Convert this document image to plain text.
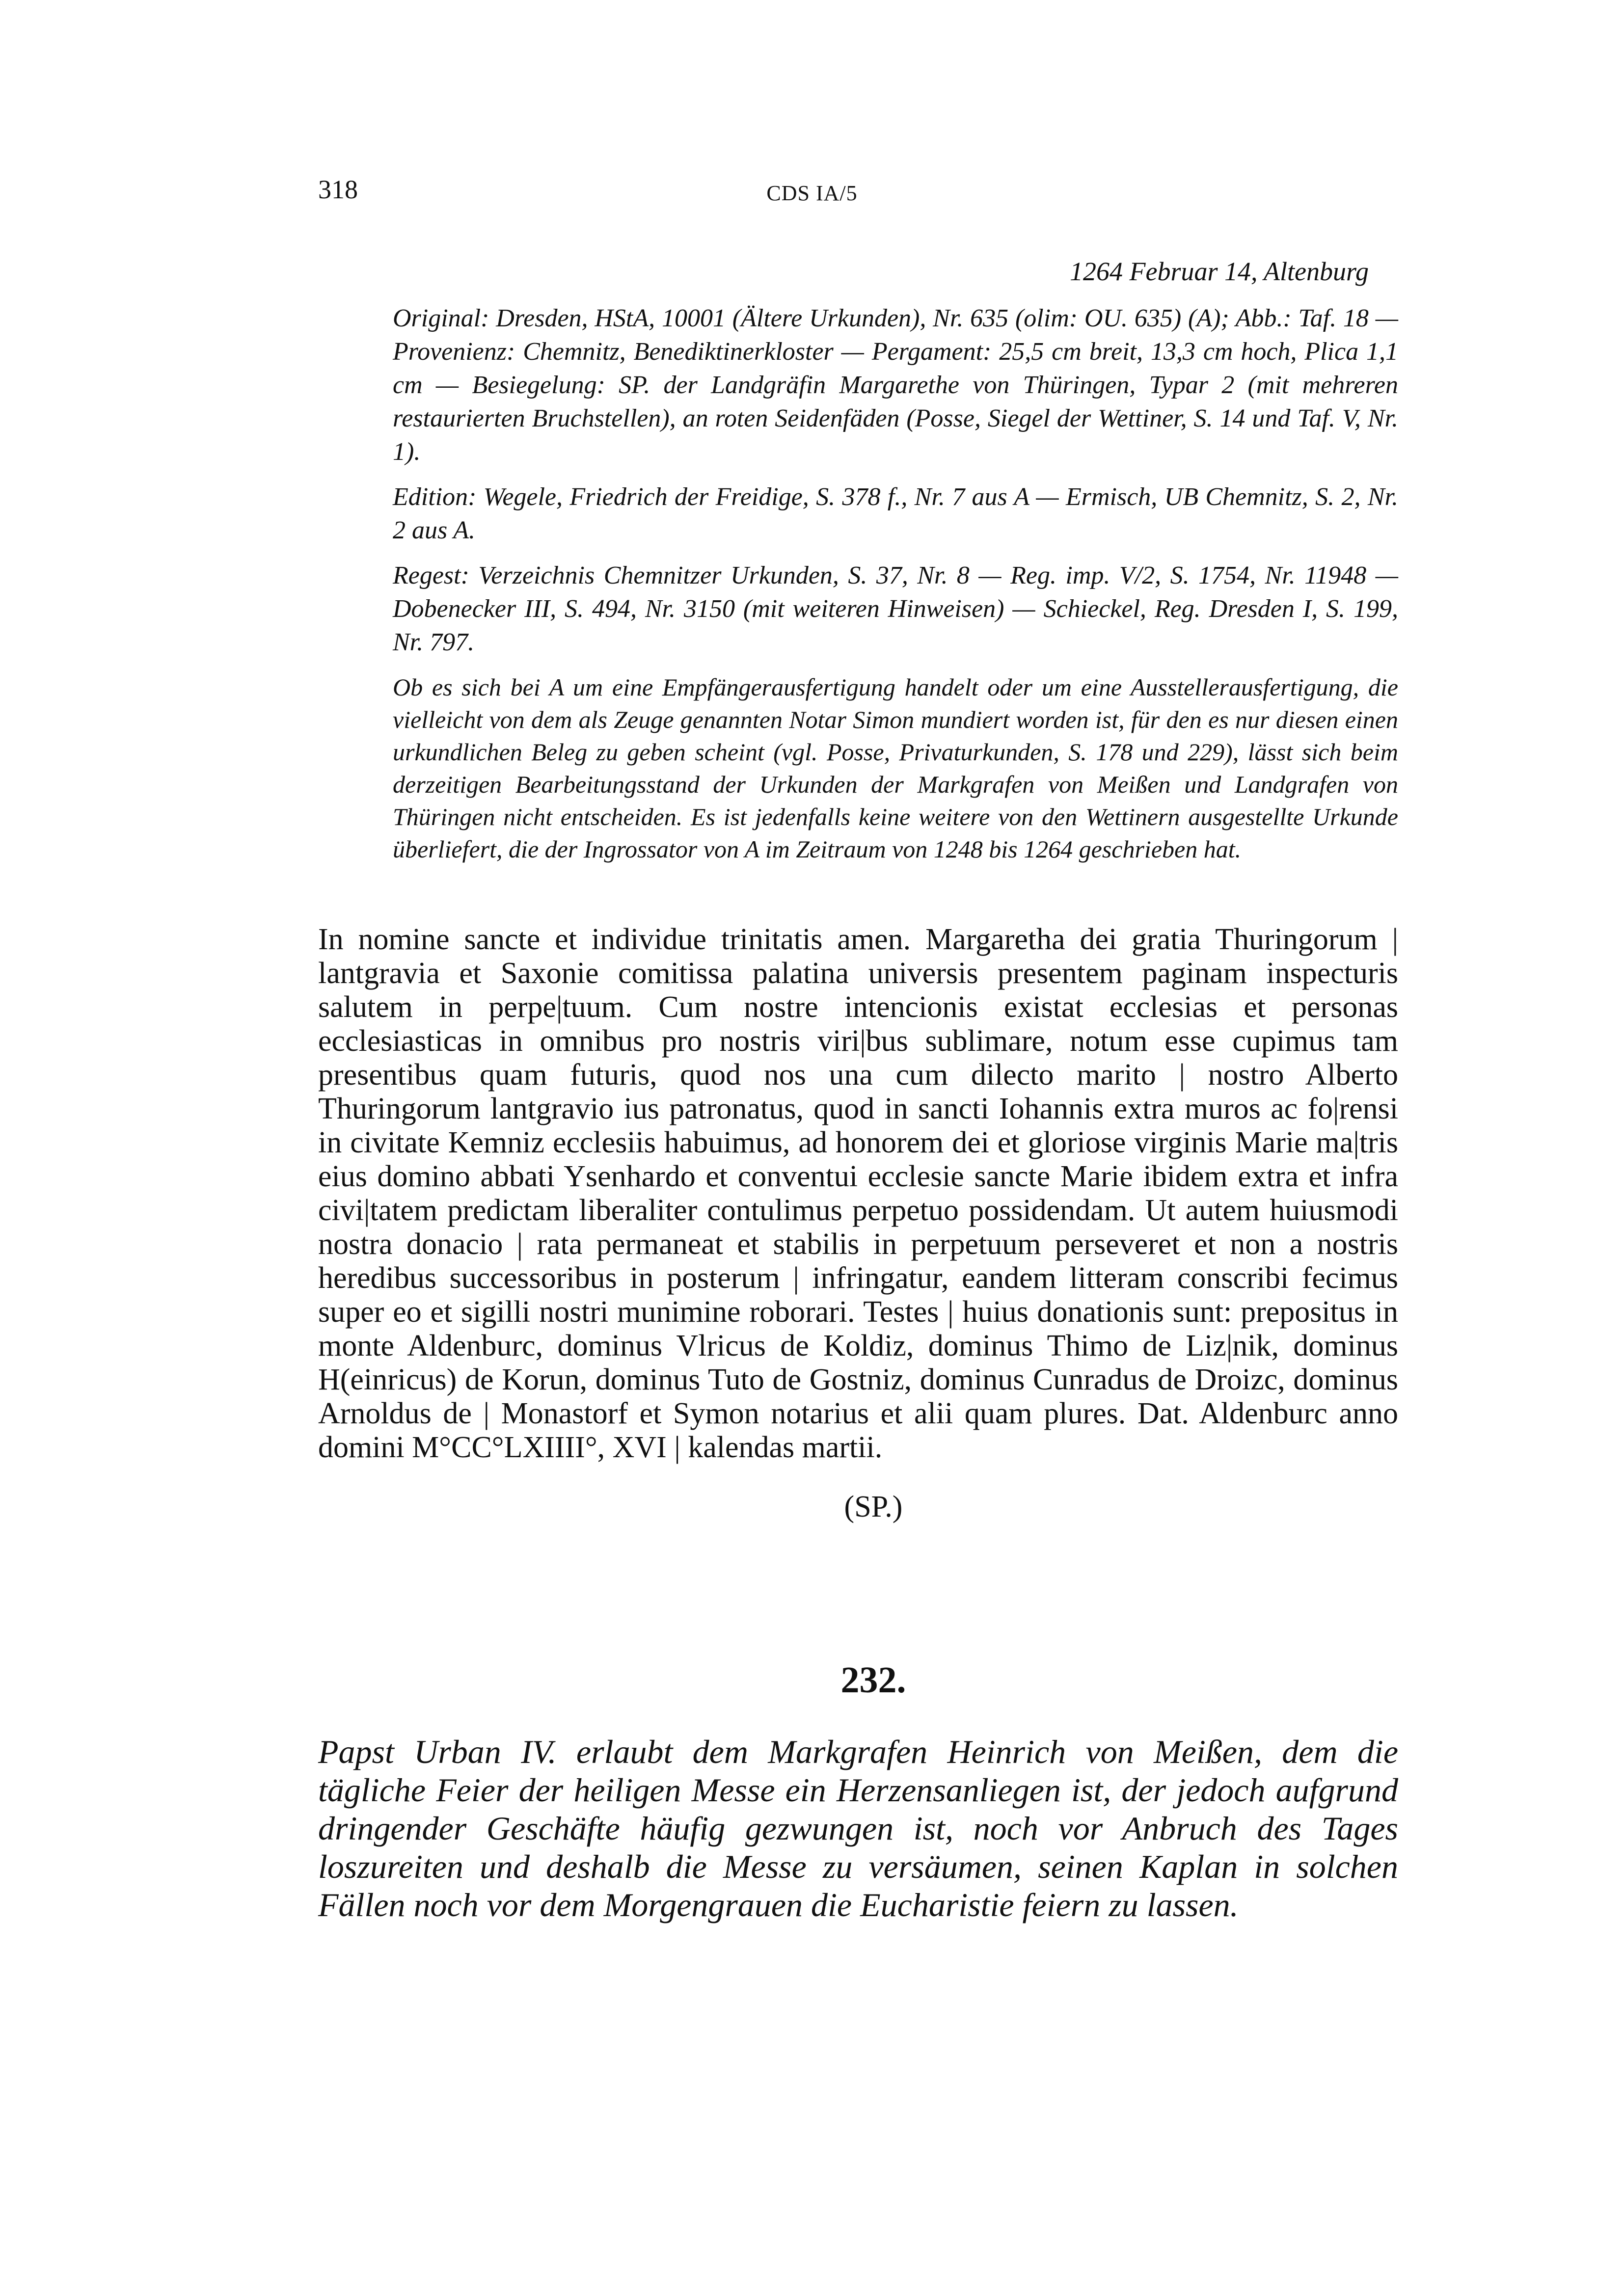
318	CDS IA/5
1264 Februar 14, Altenburg

Original: Dresden, HStA, 10001 (Ältere Urkunden), Nr. 635 (olim: OU. 635) (A); Abb.: Taf. 18 — Provenienz: Chemnitz, Benediktinerkloster — Pergament: 25,5 cm breit, 13,3 cm hoch, Plica 1,1 cm — Besiegelung: SP. der Landgräfin Margarethe von Thüringen, Typar 2 (mit mehreren restaurierten Bruchstellen), an roten Seidenfäden (Posse, Siegel der Wettiner, S. 14 und Taf. V, Nr. 1).

Edition: Wegele, Friedrich der Freidige, S. 378 f., Nr. 7 aus A — Ermisch, UB Chemnitz, S. 2, Nr. 2 aus A.

Regest: Verzeichnis Chemnitzer Urkunden, S. 37, Nr. 8 — Reg. imp. V/2, S. 1754, Nr. 11948 — Dobenecker III, S. 494, Nr. 3150 (mit weiteren Hinweisen) — Schieckel, Reg. Dresden I, S. 199, Nr. 797.

Ob es sich bei A um eine Empfängerausfertigung handelt oder um eine Ausstellerausfertigung, die vielleicht von dem als Zeuge genannten Notar Simon mundiert worden ist, für den es nur diesen einen urkundlichen Beleg zu geben scheint (vgl. Posse, Privaturkunden, S. 178 und 229), lässt sich beim derzeitigen Bearbeitungsstand der Urkunden der Markgrafen von Meißen und Landgrafen von Thüringen nicht entscheiden. Es ist jedenfalls keine weitere von den Wettinern ausgestellte Urkunde überliefert, die der Ingrossator von A im Zeitraum von 1248 bis 1264 geschrieben hat.

In nomine sancte et individue trinitatis amen. Margaretha dei gratia Thuringorum | lantgravia et Saxonie comitissa palatina universis presentem paginam inspecturis salutem in perpe|tuum. Cum nostre intencionis existat ecclesias et personas ecclesiasticas in omnibus pro nostris viri|bus sublimare, notum esse cupimus tam presentibus quam futuris, quod nos una cum dilecto marito | nostro Alberto Thuringorum lantgravio ius patronatus, quod in sancti Iohannis extra muros ac fo|rensi in civitate Kemniz ecclesiis habuimus, ad honorem dei et gloriose virginis Marie ma|tris eius domino abbati Ysenhardo et conventui ecclesie sancte Marie ibidem extra et infra civi|tatem predictam liberaliter contulimus perpetuo possidendam. Ut autem huiusmodi nostra donacio | rata permaneat et stabilis in perpetuum perseveret et non a nostris heredibus successoribus in posterum | infringatur, eandem litteram conscribi fecimus super eo et sigilli nostri munimine roborari. Testes | huius donationis sunt: prepositus in monte Aldenburc, dominus Vlricus de Koldiz, dominus Thimo de Liz|nik, dominus H(einricus) de Korun, dominus Tuto de Gostniz, dominus Cunradus de Droizc, dominus Arnoldus de | Monastorf et Symon notarius et alii quam plures. Dat. Aldenburc anno domini M°CC°LXIIII°, XVI | kalendas martii.

(SP.)
232.

Papst Urban IV. erlaubt dem Markgrafen Heinrich von Meißen, dem die tägliche Feier der heiligen Messe ein Herzensanliegen ist, der jedoch aufgrund dringender Geschäfte häufig gezwungen ist, noch vor Anbruch des Tages loszureiten und deshalb die Messe zu versäumen, seinen Kaplan in solchen Fällen noch vor dem Morgengrauen die Eucharistie feiern zu lassen.
